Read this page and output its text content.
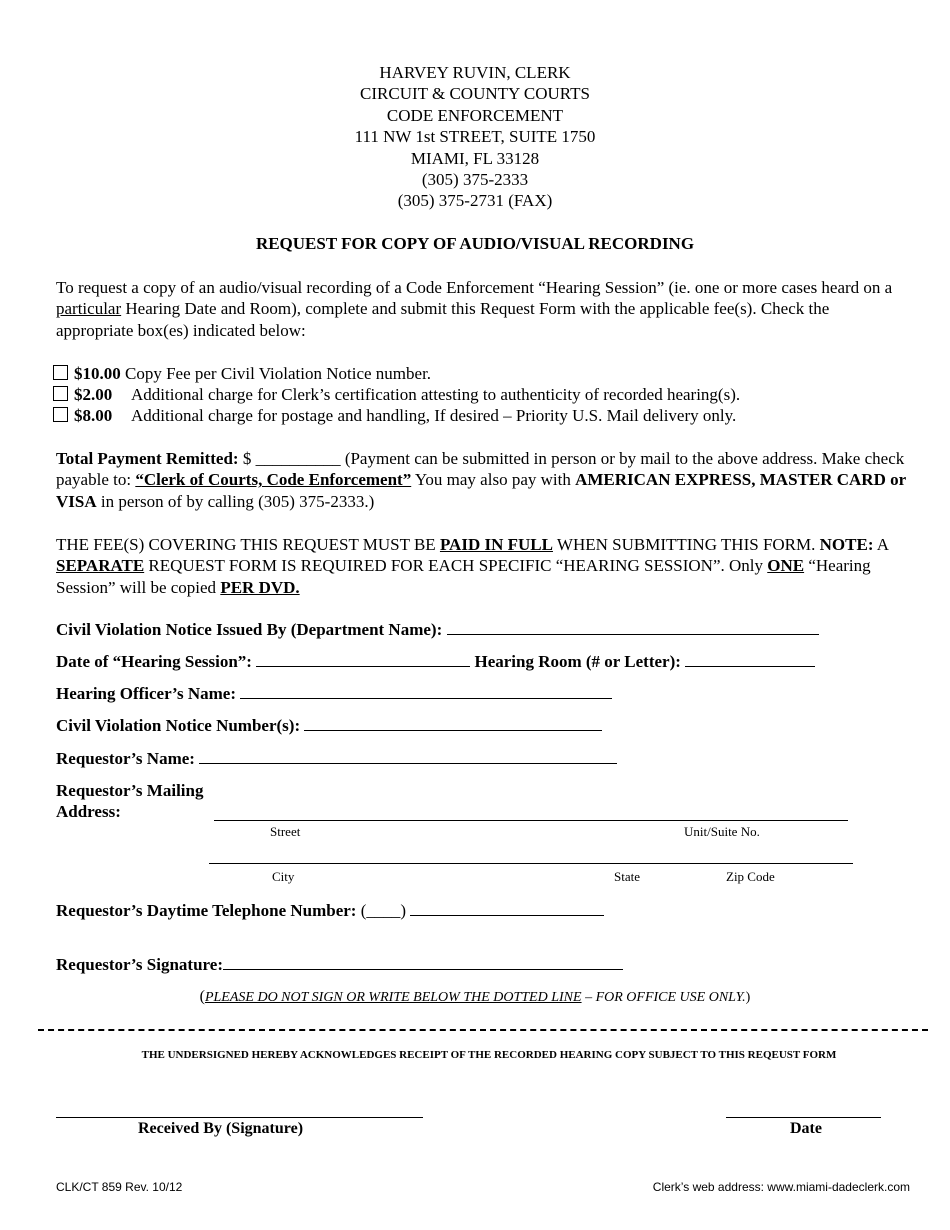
HARVEY RUVIN, CLERK
CIRCUIT & COUNTY COURTS
CODE ENFORCEMENT
111 NW 1st STREET, SUITE 1750
MIAMI, FL 33128
(305) 375-2333
(305) 375-2731 (FAX)
REQUEST FOR COPY OF AUDIO/VISUAL RECORDING
To request a copy of an audio/visual recording of a Code Enforcement “Hearing Session” (ie. one or more cases heard on a particular Hearing Date and Room), complete and submit this Request Form with the applicable fee(s). Check the appropriate box(es) indicated below:
$10.00 Copy Fee per Civil Violation Notice number.
$2.00 Additional charge for Clerk’s certification attesting to authenticity of recorded hearing(s).
$8.00 Additional charge for postage and handling, If desired – Priority U.S. Mail delivery only.
Total Payment Remitted: $ __________ (Payment can be submitted in person or by mail to the above address. Make check payable to: “Clerk of Courts, Code Enforcement” You may also pay with AMERICAN EXPRESS, MASTER CARD or VISA in person of by calling (305) 375-2333.)
THE FEE(S) COVERING THIS REQUEST MUST BE PAID IN FULL WHEN SUBMITTING THIS FORM. NOTE: A SEPARATE REQUEST FORM IS REQUIRED FOR EACH SPECIFIC “HEARING SESSION”. Only ONE “Hearing Session” will be copied PER DVD.
Civil Violation Notice Issued By (Department Name):
Date of “Hearing Session”:	Hearing Room (# or Letter):
Hearing Officer’s Name:
Civil Violation Notice Number(s):
Requestor’s Name:
Requestor’s Mailing
Address:
Street	Unit/Suite No.
City	State	Zip Code
Requestor’s Daytime Telephone Number: (____)
Requestor’s Signature:
(PLEASE DO NOT SIGN OR WRITE BELOW THE DOTTED LINE – FOR OFFICE USE ONLY.)
THE UNDERSIGNED HEREBY ACKNOWLEDGES RECEIPT OF THE RECORDED HEARING COPY SUBJECT TO THIS REQEUST FORM
Received By (Signature)	Date
CLK/CT 859 Rev. 10/12	Clerk’s web address: www.miami-dadeclerk.com
